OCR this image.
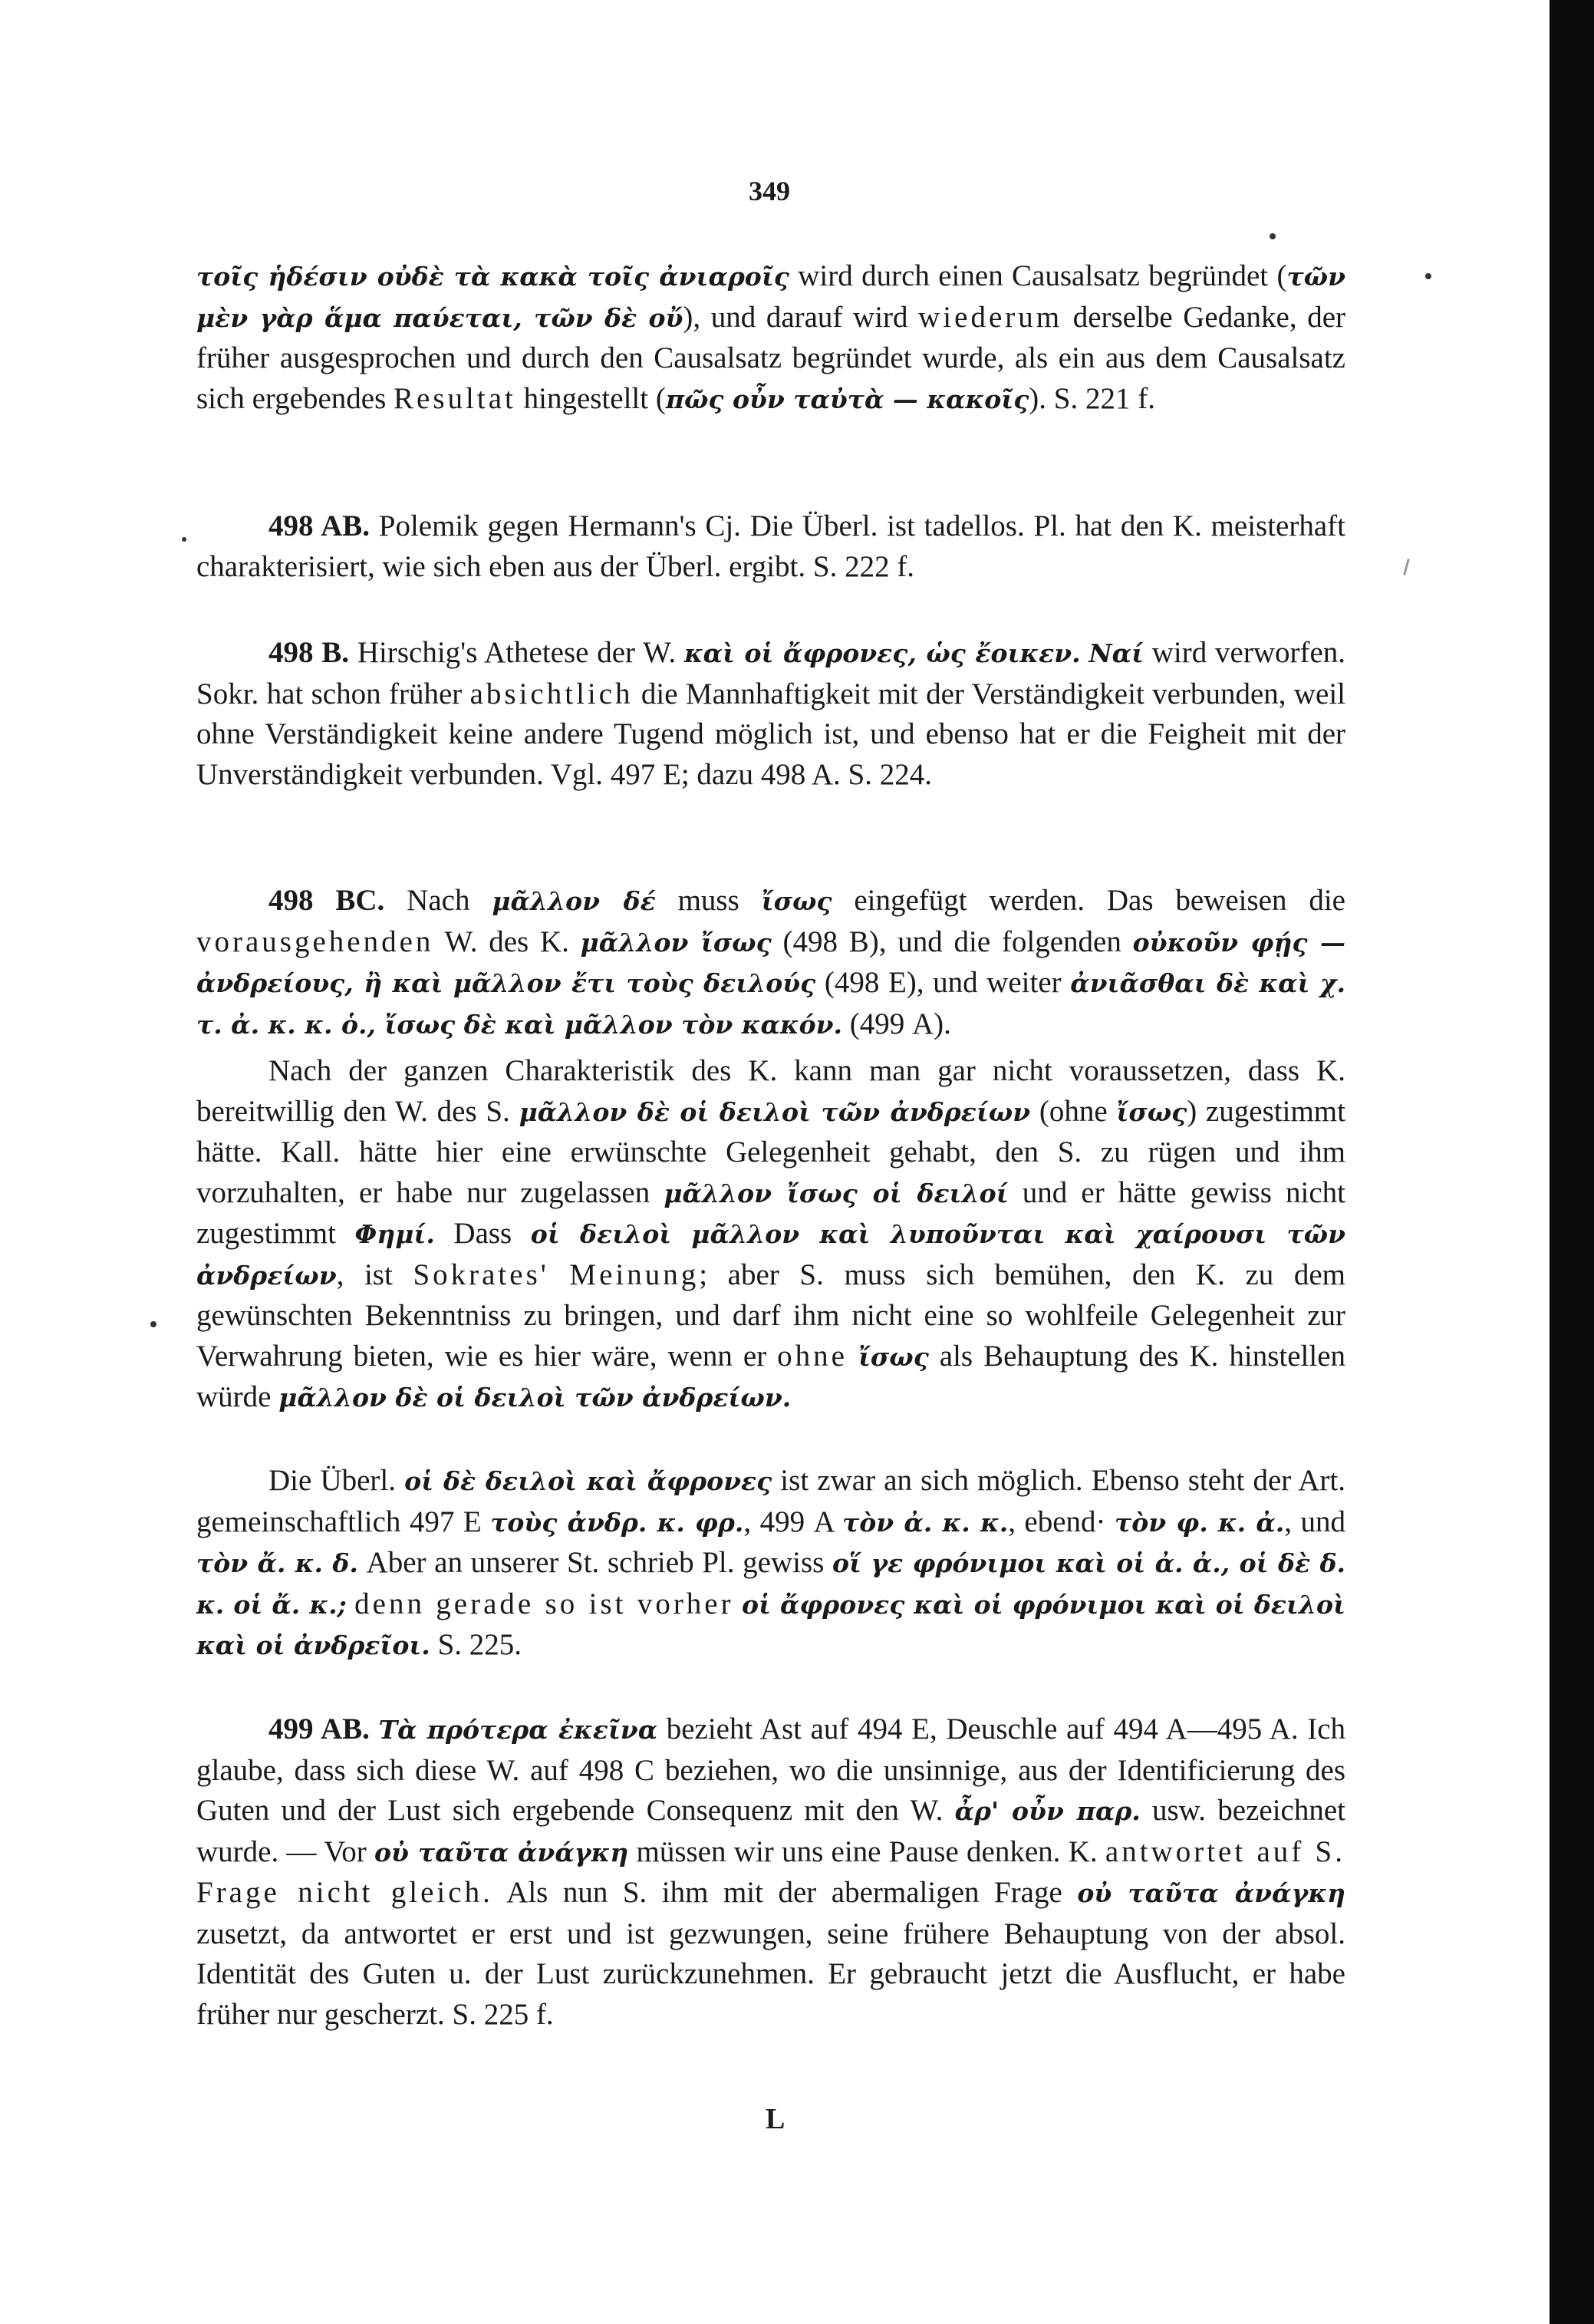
349

τοῖς ἡδέσιν οὐδὲ τὰ κακὰ τοῖς ἀνιαροῖς wird durch einen Causalsatz begründet (τῶν μὲν γὰρ ἅμα παύεται, τῶν δὲ οὔ), und darauf wird wiederum derselbe Gedanke, der früher ausgesprochen und durch den Causalsatz begründet wurde, als ein aus dem Causalsatz sich ergebendes Resultat hingestellt (πῶς οὖν ταὐτὰ — κακοῖς). S. 221 f.

498 AB. Polemik gegen Hermann's Cj. Die Überl. ist tadellos. Pl. hat den K. meisterhaft charakterisiert, wie sich eben aus der Überl. ergibt. S. 222 f.

498 B. Hirschig's Athetese der W. καὶ οἱ ἄφρονες, ὡς ἔοικεν. Ναί wird verworfen. Sokr. hat schon früher absichtlich die Mannhaftigkeit mit der Verständigkeit verbunden, weil ohne Verständigkeit keine andere Tugend möglich ist, und ebenso hat er die Feigheit mit der Unverständigkeit verbunden. Vgl. 497 E; dazu 498 A. S. 224.

498 BC. Nach μᾶλλον δέ muss ἴσως eingefügt werden. Das beweisen die vorausgehenden W. des K. μᾶλλον ἴσως (498 B), und die folgenden οὐκοῦν φῄς — ἀνδρείους, ἢ καὶ μᾶλλον ἔτι τοὺς δειλούς (498 E), und weiter ἀνιᾶσθαι δὲ καὶ χ. τ. ἀ. κ. κ. ὁ., ἴσως δὲ καὶ μᾶλλον τὸν κακόν. (499 A).

Nach der ganzen Charakteristik des K. kann man gar nicht voraussetzen, dass K. bereitwillig den W. des S. μᾶλλον δὲ οἱ δειλοὶ τῶν ἀνδρείων (ohne ἴσως) zugestimmt hätte. Kall. hätte hier eine erwünschte Gelegenheit gehabt, den S. zu rügen und ihm vorzuhalten, er habe nur zugelassen μᾶλλον ἴσως οἱ δειλοί und er hätte gewiss nicht zugestimmt Φημί. Dass οἱ δειλοὶ μᾶλλον καὶ λυποῦνται καὶ χαίρουσι τῶν ἀνδρείων, ist Sokrates' Meinung; aber S. muss sich bemühen, den K. zu dem gewünschten Bekenntniss zu bringen, und darf ihm nicht eine so wohlfeile Gelegenheit zur Verwahrung bieten, wie es hier wäre, wenn er ohne ἴσως als Behauptung des K. hinstellen würde μᾶλλον δὲ οἱ δειλοὶ τῶν ἀνδρείων.

Die Überl. οἱ δὲ δειλοὶ καὶ ἄφρονες ist zwar an sich möglich. Ebenso steht der Art. gemeinschaftlich 497 E τοὺς ἀνδρ. κ. φρ., 499 A τὸν ἀ. κ. κ., ebend· τὸν φ. κ. ἀ., und τὸν ἄ. κ. δ. Aber an unserer St. schrieb Pl. gewiss οἵ γε φρόνιμοι καὶ οἱ ἀ. ἀ., οἱ δὲ δ. κ. οἱ ἄ. κ.; denn gerade so ist vorher οἱ ἄφρονες καὶ οἱ φρόνιμοι καὶ οἱ δειλοὶ καὶ οἱ ἀνδρεῖοι. S. 225.

499 AB. Τὰ πρότερα ἐκεῖνα bezieht Ast auf 494 E, Deuschle auf 494 A—495 A. Ich glaube, dass sich diese W. auf 498 C beziehen, wo die unsinnige, aus der Identificierung des Guten und der Lust sich ergebende Consequenz mit den W. ἆρ' οὖν παρ. usw. bezeichnet wurde. — Vor οὐ ταῦτα ἀνάγκη müssen wir uns eine Pause denken. K. antwortet auf S. Frage nicht gleich. Als nun S. ihm mit der abermaligen Frage οὐ ταῦτα ἀνάγκη zusetzt, da antwortet er erst und ist gezwungen, seine frühere Behauptung von der absol. Identität des Guten u. der Lust zurückzunehmen. Er gebraucht jetzt die Ausflucht, er habe früher nur gescherzt. S. 225 f.

L
